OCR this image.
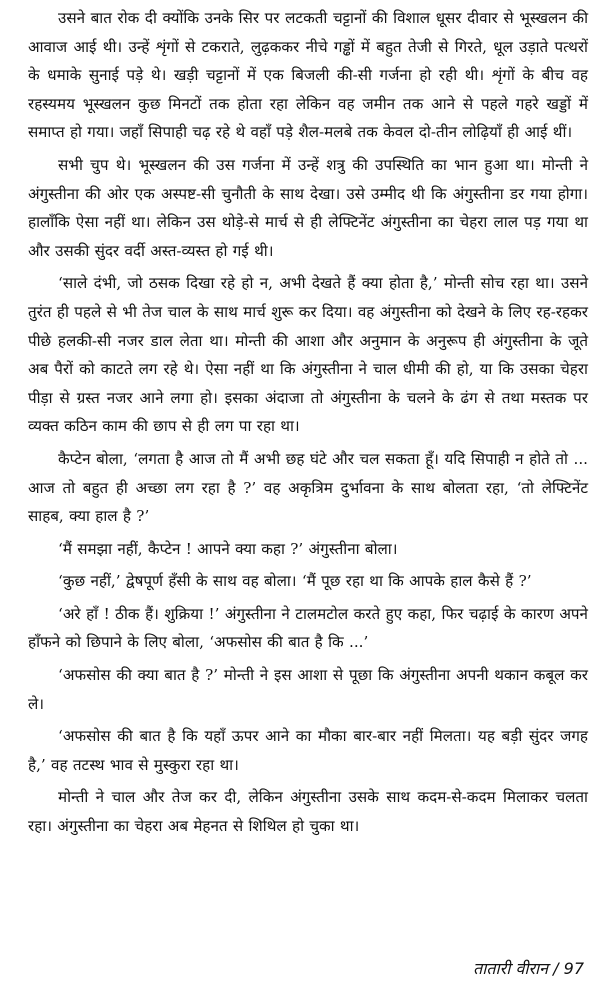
उसने बात रोक दी क्योंकि उनके सिर पर लटकती चट्टानों की विशाल धूसर दीवार से भूस्खलन की आवाज आई थी। उन्हें शृंगों से टकराते, लुढ़ककर नीचे गड्ढों में बहुत तेजी से गिरते, धूल उड़ाते पत्थरों के धमाके सुनाई पड़े थे। खड़ी चट्टानों में एक बिजली की-सी गर्जना हो रही थी। शृंगों के बीच वह रहस्यमय भूस्खलन कुछ मिनटों तक होता रहा लेकिन वह जमीन तक आने से पहले गहरे खड्डों में समाप्त हो गया। जहाँ सिपाही चढ़ रहे थे वहाँ पड़े शैल-मलबे तक केवल दो-तीन लोढ़ियाँ ही आई थीं।

सभी चुप थे। भूस्खलन की उस गर्जना में उन्हें शत्रु की उपस्थिति का भान हुआ था। मोन्ती ने अंगुस्तीना की ओर एक अस्पष्ट-सी चुनौती के साथ देखा। उसे उम्मीद थी कि अंगुस्तीना डर गया होगा। हालाँकि ऐसा नहीं था। लेकिन उस थोड़े-से मार्च से ही लेफ्टिनेंट अंगुस्तीना का चेहरा लाल पड़ गया था और उसकी सुंदर वर्दी अस्त-व्यस्त हो गई थी।

‘साले दंभी, जो ठसक दिखा रहे हो न, अभी देखते हैं क्या होता है,’ मोन्ती सोच रहा था। उसने तुरंत ही पहले से भी तेज चाल के साथ मार्च शुरू कर दिया। वह अंगुस्तीना को देखने के लिए रह-रहकर पीछे हलकी-सी नजर डाल लेता था। मोन्ती की आशा और अनुमान के अनुरूप ही अंगुस्तीना के जूते अब पैरों को काटते लग रहे थे। ऐसा नहीं था कि अंगुस्तीना ने चाल धीमी की हो, या कि उसका चेहरा पीड़ा से ग्रस्त नजर आने लगा हो। इसका अंदाजा तो अंगुस्तीना के चलने के ढंग से तथा मस्तक पर व्यक्त कठिन काम की छाप से ही लग पा रहा था।

कैप्टेन बोला, ‘लगता है आज तो मैं अभी छह घंटे और चल सकता हूँ। यदि सिपाही न होते तो ... आज तो बहुत ही अच्छा लग रहा है ?’ वह अकृत्रिम दुर्भावना के साथ बोलता रहा, ‘तो लेफ्टिनेंट साहब, क्या हाल है ?’

‘मैं समझा नहीं, कैप्टेन ! आपने क्या कहा ?’ अंगुस्तीना बोला।

‘कुछ नहीं,’ द्वेषपूर्ण हँसी के साथ वह बोला। ‘मैं पूछ रहा था कि आपके हाल कैसे हैं ?’

‘अरे हाँ ! ठीक हैं। शुक्रिया !’ अंगुस्तीना ने टालमटोल करते हुए कहा, फिर चढ़ाई के कारण अपने हाँफने को छिपाने के लिए बोला, ‘अफसोस की बात है कि ...’

‘अफसोस की क्या बात है ?’ मोन्ती ने इस आशा से पूछा कि अंगुस्तीना अपनी थकान कबूल कर ले।

‘अफसोस की बात है कि यहाँ ऊपर आने का मौका बार-बार नहीं मिलता। यह बड़ी सुंदर जगह है,’ वह तटस्थ भाव से मुस्कुरा रहा था।

मोन्ती ने चाल और तेज कर दी, लेकिन अंगुस्तीना उसके साथ कदम-से-कदम मिलाकर चलता रहा। अंगुस्तीना का चेहरा अब मेहनत से शिथिल हो चुका था।

तातारी वीरान / 97
